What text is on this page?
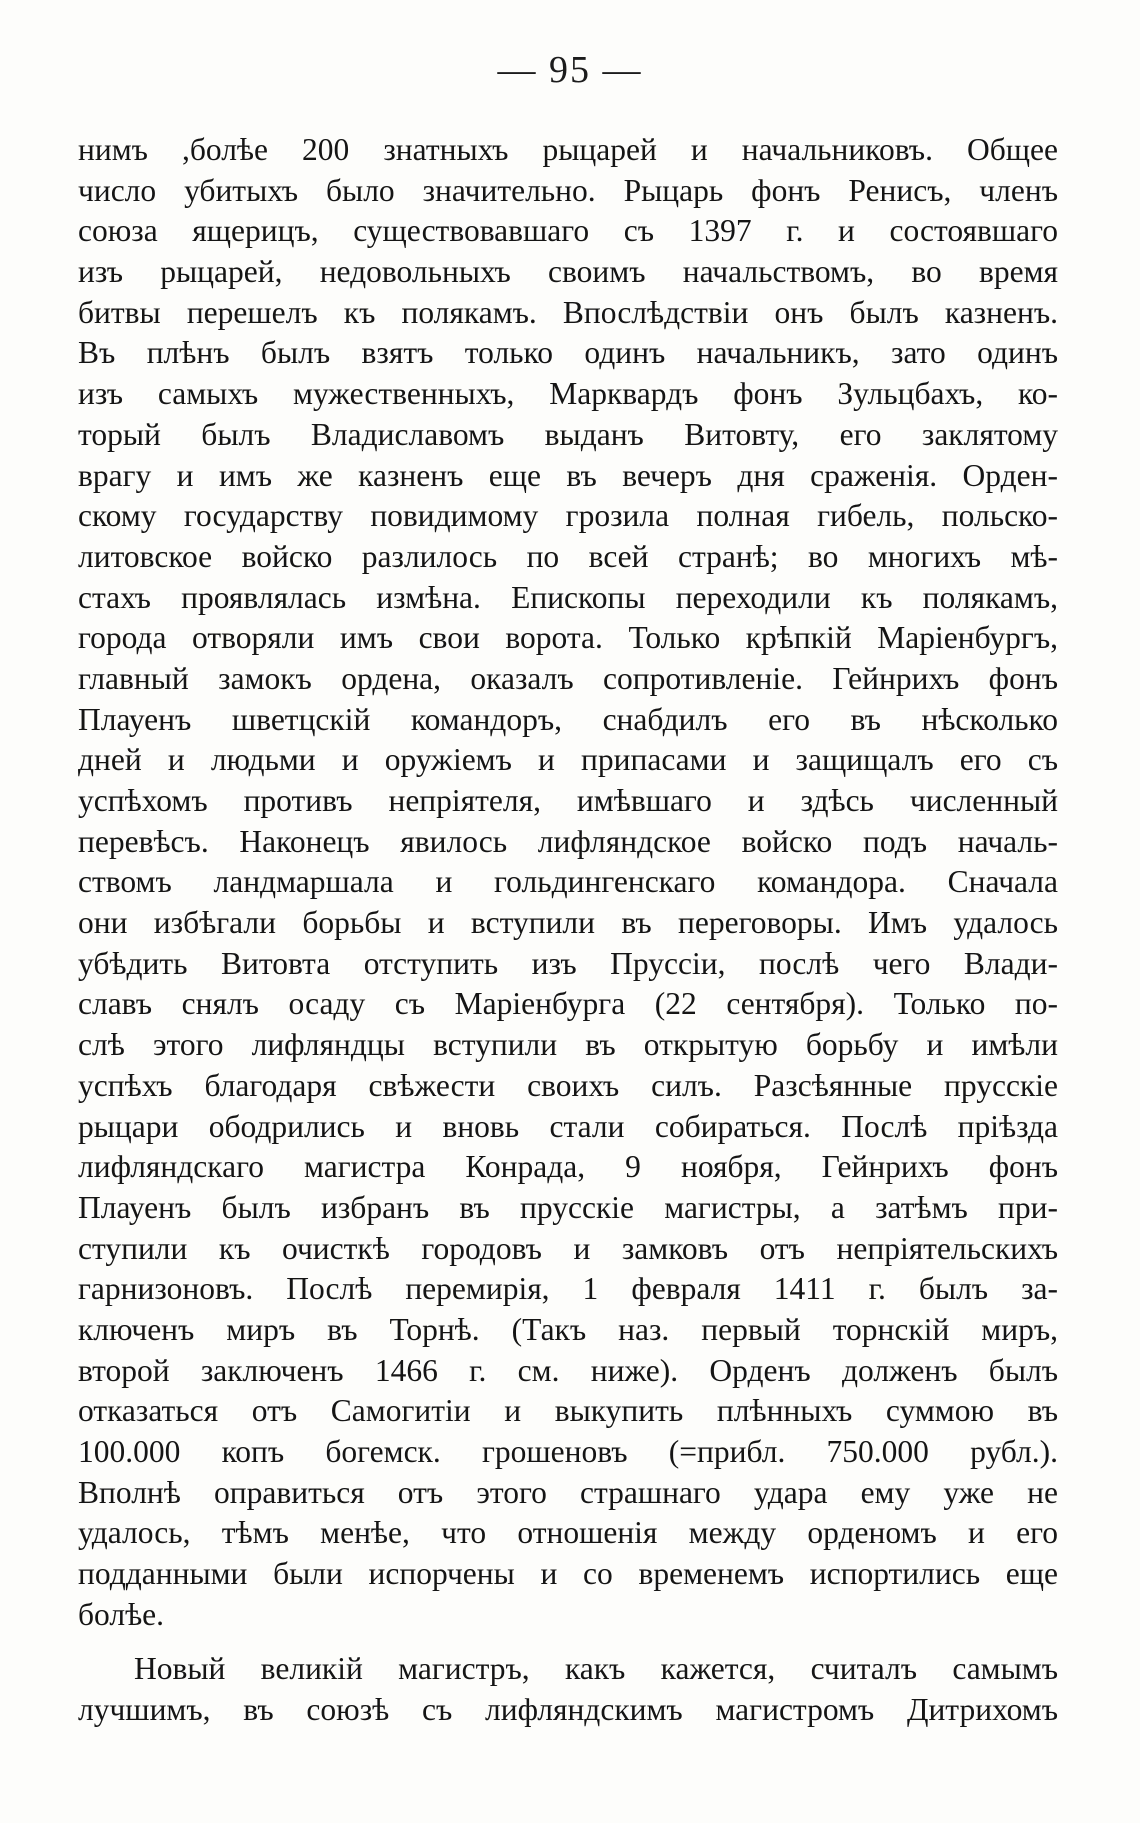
— 95 —
нимъ ,болѣе 200 знатныхъ рыцарей и начальниковъ. Общее
число убитыхъ было значительно. Рыцарь фонъ Ренисъ, членъ
союза ящерицъ, существовавшаго съ 1397 г. и состоявшаго
изъ рыцарей, недовольныхъ своимъ начальствомъ, во время
битвы перешелъ къ полякамъ. Впослѣдствіи онъ былъ казненъ.
Въ плѣнъ былъ взятъ только одинъ начальникъ, зато одинъ
изъ самыхъ мужественныхъ, Марквардъ фонъ Зульцбахъ, ко-
торый былъ Владиславомъ выданъ Витовту, его заклятому
врагу и имъ же казненъ еще въ вечеръ дня сраженія. Орден-
скому государству повидимому грозила полная гибель, польско-
литовское войско разлилось по всей странѣ; во многихъ мѣ-
стахъ проявлялась измѣна. Епископы переходили къ полякамъ,
города отворяли имъ свои ворота. Только крѣпкій Маріенбургъ,
главный замокъ ордена, оказалъ сопротивленіе. Гейнрихъ фонъ
Плауенъ шветцскій командоръ, снабдилъ его въ нѣсколько
дней и людьми и оружіемъ и припасами и защищалъ его съ
успѣхомъ противъ непріятеля, имѣвшаго и здѣсь численный
перевѣсъ. Наконецъ явилось лифляндское войско подъ началь-
ствомъ ландмаршала и гольдингенскаго командора. Сначала
они избѣгали борьбы и вступили въ переговоры. Имъ удалось
убѣдить Витовта отступить изъ Пруссіи, послѣ чего Влади-
славъ снялъ осаду съ Маріенбурга (22 сентября). Только по-
слѣ этого лифляндцы вступили въ открытую борьбу и имѣли
успѣхъ благодаря свѣжести своихъ силъ. Разсѣянные прусскіе
рыцари ободрились и вновь стали собираться. Послѣ пріѣзда
лифляндскаго магистра Конрада, 9 ноября, Гейнрихъ фонъ
Плауенъ былъ избранъ въ прусскіе магистры, а затѣмъ при-
ступили къ очисткѣ городовъ и замковъ отъ непріятельскихъ
гарнизоновъ. Послѣ перемирія, 1 февраля 1411 г. былъ за-
ключенъ миръ въ Торнѣ. (Такъ наз. первый торнскій миръ,
второй заключенъ 1466 г. см. ниже). Орденъ долженъ былъ
отказаться отъ Самогитіи и выкупить плѣнныхъ суммою въ
100.000 копъ богемск. грошеновъ (=прибл. 750.000 рубл.).
Вполнѣ оправиться отъ этого страшнаго удара ему уже не
удалось, тѣмъ менѣе, что отношенія между орденомъ и его
подданными были испорчены и со временемъ испортились еще
болѣе.
Новый великій магистръ, какъ кажется, считалъ самымъ
лучшимъ, въ союзѣ съ лифляндскимъ магистромъ Дитрихомъ
